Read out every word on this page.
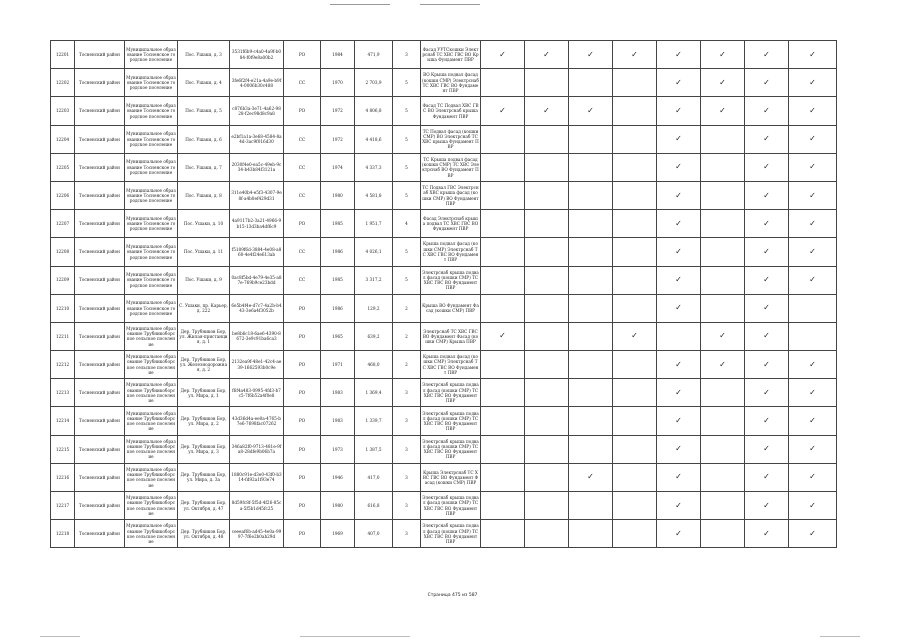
12201	Тосненский район	Муниципальное образование Тосненское городское поселение	Пос. Ушаки, д. 3	3531f6b9-c4a0-4a9f-b084-f0f9e8a00b2	PO	1984	471,9	3	Фасад УУТСкошки Электрснаб ТС ХВС ГВС ВО Крыша Фундамент ПВР	✓	✓	✓	✓	✓	✓	✓	✓
12202	Тосненский район	Муниципальное образование Тосненское городское поселение	Пос. Ушаки, д. 4	3fe6f2f4-e21a-4a9e-b9f4-0006b30c488	CC	1970	2 703,9	5	ВО Крыша подвал фасад (кошки СМР) Электрснаб ТС ХВС ГВС ВО Фундамент ПВР					✓	✓	✓	✓
12203	Тосненский район	Муниципальное образование Тосненское городское поселение	Пос. Ушаки, д. 5	c876b3a-3e71-4a62-9828-f2ec98d8c9a8	PO	1972	4 806,8	5	Фасад ТС Подвал ХВС ГВС ВО Электрснаб крыша Фундамент ПВР	✓	✓	✓		✓	✓	✓	✓
12204	Тосненский район	Муниципальное образование Тосненское городское поселение	Пос. Ушаки, д. 6	e2bf1a1a-3e68-4584-8a4d-3ac9f016d30	CC	1972	4 418,6	5	ТС Подвал фасад (кошки СМР) ВО Электрснаб ТС ХВС крыша Фундамент ПВР					✓		✓	✓
12205	Тосненский район	Муниципальное образование Тосненское городское поселение	Пос. Ушаки, д. 7	2030f4e0-ea5c-49eb-9c34-b43b84f3121a	CC	1974	4 337,3	5	ТС Крыша подвал фасад (кошки СМР) ТС ХВС Электрснаб ВО Фундамент ПВР					✓		✓	✓
12206	Тосненский район	Муниципальное образование Тосненское городское поселение	Пос. Ушаки, д. 8	311e40b4-e5f3-4307-9e8f-a4b0ef429d31	CC	1980	4 581,8	5	ТС Подвал ГВС Электрснаб ХВС крыша фасад (кошки СМР) ВО Фундамент ПВР					✓		✓	✓
12207	Тосненский район	Муниципальное образование Тосненское городское поселение	Пос. Ушаки, д. 10	4a9117b2-3a21-4966-9b15-13d3ba4df6c9	PO	1985	1 951,7	4	Фасад Электрснаб крыша подвал ТС ХВС ГВС ВО Фундамент ПВР					✓		✓	✓
12208	Тосненский район	Муниципальное образование Тосненское городское поселение	Пос. Ушаки, д. 11	f5189f6d-3884-4e08-a860-4e4f24e613ab	CC	1986	4 026,1	5	Крыша подвал фасад (кошки СМР) Электрснаб ТС ХВС ГВС ВО Фундамент ПВР					✓		✓	✓
12209	Тосненский район	Муниципальное образование Тосненское городское поселение	Пос. Ушаки, д. 9	0ac8f5bd-4e79-4e35-a87e-769b9ce23bdd	CC	1985	3 317,2	5	Электрснаб крыша подвал фасад (кошки СМР) ТС ХВС ГВС ВО Фундамент ПВР					✓		✓	✓
12210	Тосненский район	Муниципальное образование Тосненское городское поселение	С. Ушаки, пр. Карьер, д. 222	6e5b4f4e-d7c7-4a2b-b443-3e6a4f3052b	PO	1986	129,2	2	Крыша ВО Фундамент Фасад (кошки СМР) ПВР					✓		✓	
12211	Тосненский район	Муниципальное образование Трубникоборское сельское поселение	Дер. Трубников Бор, ул. Жилая-пристанция, д. 1	be8b6c18-6ae6-4390-8672-3e9c91ba6ca3	PO	1965	639,2	2	Электрснаб ТС ХВС ГВС ВО Фундамент Фасад (кошки СМР) Крыша ПВР	✓			✓		✓	✓	
12212	Тосненский район	Муниципальное образование Трубникоборское сельское поселение	Дер. Трубников Бор, ул. Железнодорожная, д. 2	2132ea9f-48e1-42c4-ae39-1662593b0c9e	PO	1971	468,0	2	Крыша подвал фасад (кошки СМР) Электрснаб ТС ХВС ГВС ВО Фундамент ПВР					✓	✓	✓	✓
12213	Тосненский район	Муниципальное образование Трубникоборское сельское поселение	Дер. Трубников Бор, ул. Мира, д. 1	f6f4a483-0995-4fd3-b7c5-7f6b52a4f0e8	PO	1983	1 369,4	3	Электрснаб крыша подвал фасад (кошки СМР) ТС ХВС ГВС ВО Фундамент ПВР					✓		✓	✓
12214	Тосненский район	Муниципальное образование Трубникоборское сельское поселение	Дер. Трубников Бор, ул. Мира, д. 2	43d36d4a-ee0a-4765-b7e6-7698fac07262	PO	1983	1 339,7	3	Электрснаб крыша подвал фасад (кошки СМР) ТС ХВС ГВС ВО Фундамент ПВР					✓		✓	✓
12215	Тосненский район	Муниципальное образование Трубникоборское сельское поселение	Дер. Трубников Бор, ул. Мира, д. 3	346a82f0-9713-481e-9fa8-28dfe9b06b7a	PO	1973	1 387,5	3	Электрснаб крыша подвал фасад (кошки СМР) ТС ХВС ГВС ВО Фундамент ПВР					✓		✓	✓
12216	Тосненский район	Муниципальное образование Трубникоборское сельское поселение	Дер. Трубников Бор, ул. Мира, д. 3а	1880c91e-d3e0-43f0-b314-fd92a1f93e74	PO	1946	417,0	3	Крыша Электрснаб ТС ХВС ГВС ВО Фундамент Фасад (кошки СМР) ПВР			✓		✓		✓	✓
12217	Тосненский район	Муниципальное образование Трубникоборское сельское поселение	Дер. Трубников Бор, ул. Октября, д. 47	8d59fc8f-5f5d-4f26-85ca-5f5b1d45fc25	PO	1980	616,8	3	Электрснаб крыша подвал фасад (кошки СМР) ТС ХВС ГВС ВО Фундамент ПВР					✓		✓	✓
12218	Тосненский район	Муниципальное образование Трубникоборское сельское поселение	Дер. Трубников Бор, ул. Октября, д. 48	ceeeaf6b-ad45-4e0a-9997-7f6e2b0ab29d	PO	1969	407,0	3	Электрснаб крыша подвал фасад (кошки СМР) ТС ХВС ГВС ВО Фундамент ПВР					✓		✓	✓
Страница 475 из 587
